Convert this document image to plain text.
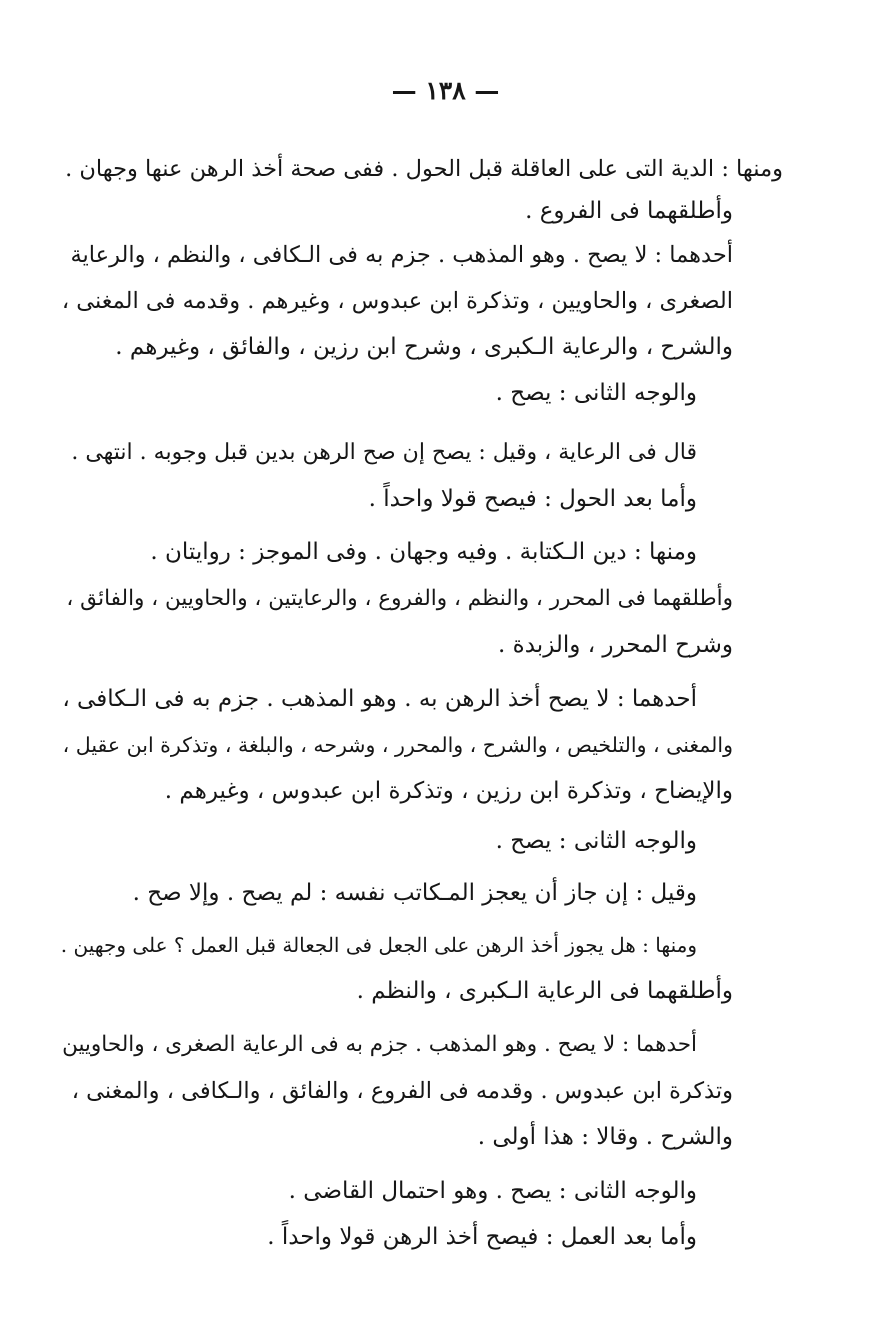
— ١٣٨ —
ومنها : الدية التى على العاقلة قبل الحول . ففى صحة أخذ الرهن عنها وجهان .
وأطلقهما فى الفروع .
أحدهما : لا يصح . وهو المذهب . جزم به فى الـكافى ، والنظم ، والرعاية
الصغرى ، والحاويين ، وتذكرة ابن عبدوس ، وغيرهم . وقدمه فى المغنى ،
والشرح ، والرعاية الـكبرى ، وشرح ابن رزين ، والفائق ، وغيرهم .
والوجه الثانى : يصح .
قال فى الرعاية ، وقيل : يصح إن صح الرهن بدين قبل وجوبه . انتهى .
وأما بعد الحول : فيصح قولا واحداً .
ومنها : دين الـكتابة . وفيه وجهان . وفى الموجز : روايتان .
وأطلقهما فى المحرر ، والنظم ، والفروع ، والرعايتين ، والحاويين ، والفائق ،
وشرح المحرر ، والزبدة .
أحدهما : لا يصح أخذ الرهن به . وهو المذهب . جزم به فى الـكافى ،
والمغنى ، والتلخيص ، والشرح ، والمحرر ، وشرحه ، والبلغة ، وتذكرة ابن عقيل ،
والإيضاح ، وتذكرة ابن رزين ، وتذكرة ابن عبدوس ، وغيرهم .
والوجه الثانى : يصح .
وقيل : إن جاز أن يعجز المـكاتب نفسه : لم يصح . وإلا صح .
ومنها : هل يجوز أخذ الرهن على الجعل فى الجعالة قبل العمل ؟ على وجهين .
وأطلقهما فى الرعاية الـكبرى ، والنظم .
أحدهما : لا يصح . وهو المذهب . جزم به فى الرعاية الصغرى ، والحاويين
وتذكرة ابن عبدوس . وقدمه فى الفروع ، والفائق ، والـكافى ، والمغنى ،
والشرح . وقالا : هذا أولى .
والوجه الثانى : يصح . وهو احتمال القاضى .
وأما بعد العمل : فيصح أخذ الرهن قولا واحداً .
